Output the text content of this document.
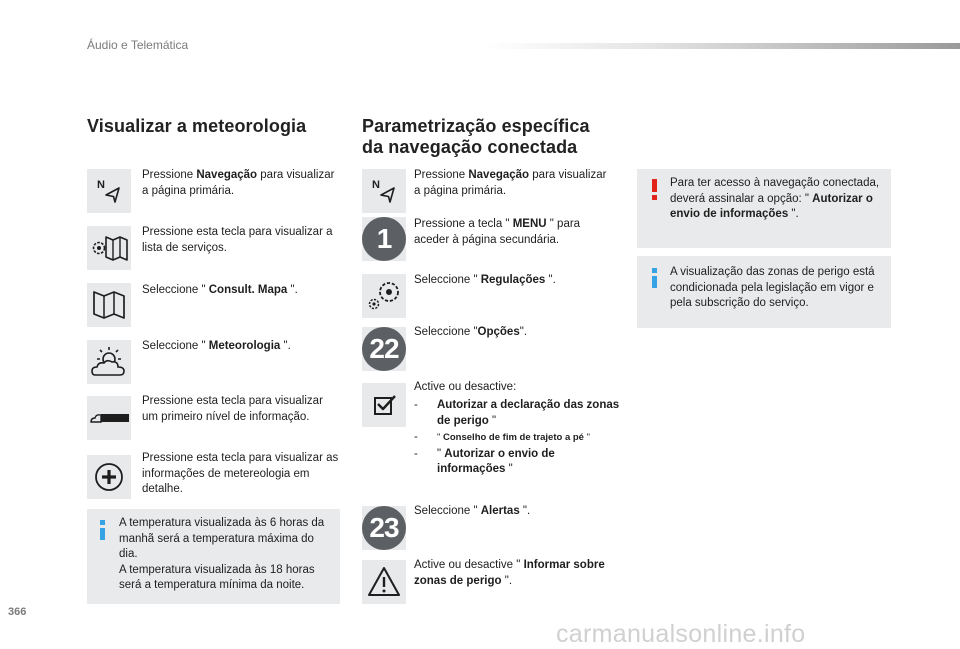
Áudio e Telemática
Visualizar a meteorologia
N
Pressione Navegação para visualizar a página primária.
Pressione esta tecla para visualizar a lista de serviços.
Seleccione " Consult. Mapa ".
Seleccione " Meteorologia ".
Pressione esta tecla para visualizar um primeiro nível de informação.
Pressione esta tecla para visualizar as informações de metereologia em detalhe.
A temperatura visualizada às 6 horas da manhã será a temperatura máxima do dia.
A temperatura visualizada às 18 horas será a temperatura mínima da noite.
Parametrização específica
da navegação conectada
N
Pressione Navegação para visualizar a página primária.
1	Pressione a tecla " MENU " para aceder à página secundária.
Seleccione " Regulações ".
22
Seleccione "Opções".
Active ou desactive:
- Autorizar a declaração das zonas de perigo "
- " Conselho de fim de trajeto a pé "
- " Autorizar o envio de informações "
23
Seleccione " Alertas ".
Active ou desactive " Informar sobre zonas de perigo ".
Para ter acesso à navegação conectada, deverá assinalar a opção: " Autorizar o envio de informações ".
A visualização das zonas de perigo está condicionada pela legislação em vigor e pela subscrição do serviço.
366
carmanualsonline.info
